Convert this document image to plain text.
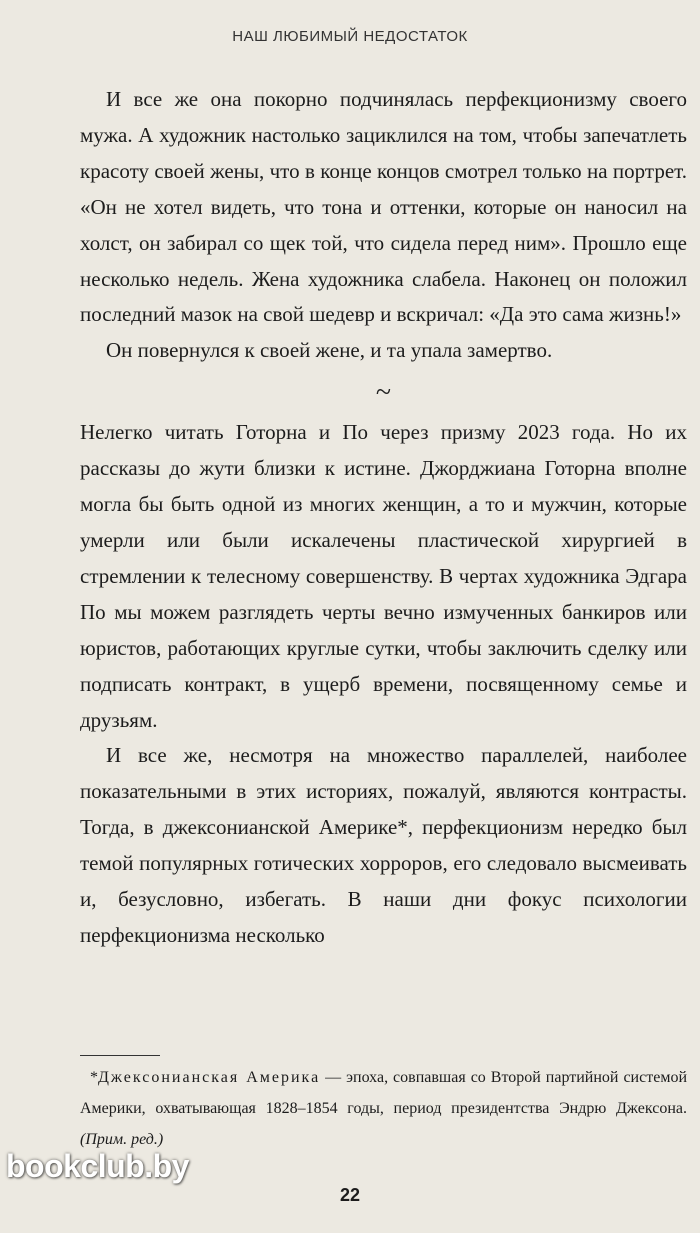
НАШ ЛЮБИМЫЙ НЕДОСТАТОК

И все же она покорно подчинялась перфекционизму своего мужа. А художник настолько зациклился на том, чтобы запечатлеть красоту своей жены, что в конце концов смотрел только на портрет. «Он не хотел видеть, что тона и оттенки, которые он наносил на холст, он забирал со щек той, что сидела перед ним». Прошло еще несколько недель. Жена художника слабела. Наконец он положил последний мазок на свой шедевр и вскричал: «Да это сама жизнь!»

Он повернулся к своей жене, и та упала замертво.

~

Нелегко читать Готорна и По через призму 2023 года. Но их рассказы до жути близки к истине. Джорджиана Готорна вполне могла бы быть одной из многих женщин, а то и мужчин, которые умерли или были искалечены пластической хирургией в стремлении к телесному совершенству. В чертах художника Эдгара По мы можем разглядеть черты вечно измученных банкиров или юристов, работающих круглые сутки, чтобы заключить сделку или подписать контракт, в ущерб времени, посвященному семье и друзьям.

И все же, несмотря на множество параллелей, наиболее показательными в этих историях, пожалуй, являются контрасты. Тогда, в джексонианской Америке*, перфекционизм нередко был темой популярных готических хорроров, его следовало высмеивать и, безусловно, избегать. В наши дни фокус психологии перфекционизма несколько

*Джексонианская Америка — эпоха, совпавшая со Второй партийной системой Америки, охватывающая 1828–1854 годы, период президентства Эндрю Джексона. (Прим. ред.)
22
bookclub.by
